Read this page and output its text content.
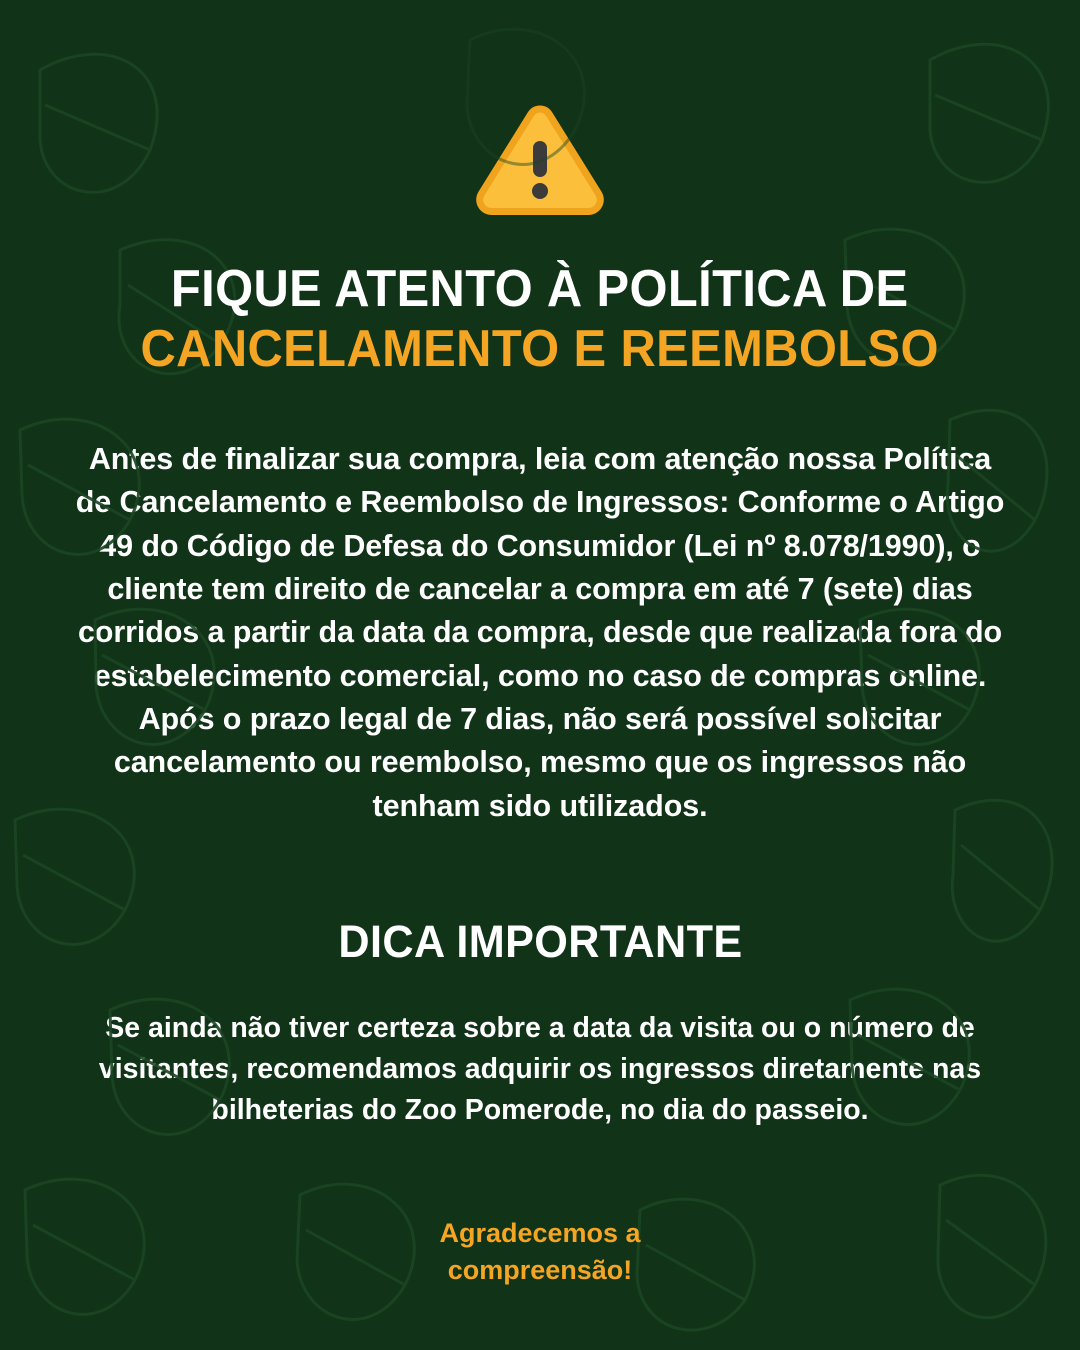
FIQUE ATENTO À POLÍTICA DE
CANCELAMENTO E REEMBOLSO

Antes de finalizar sua compra, leia com atenção nossa Política de Cancelamento e Reembolso de Ingressos: Conforme o Artigo 49 do Código de Defesa do Consumidor (Lei nº 8.078/1990), o cliente tem direito de cancelar a compra em até 7 (sete) dias corridos a partir da data da compra, desde que realizada fora do estabelecimento comercial, como no caso de compras online. Após o prazo legal de 7 dias, não será possível solicitar cancelamento ou reembolso, mesmo que os ingressos não tenham sido utilizados.

DICA IMPORTANTE

Se ainda não tiver certeza sobre a data da visita ou o número de visitantes, recomendamos adquirir os ingressos diretamente nas bilheterias do Zoo Pomerode, no dia do passeio.

Agradecemos a
compreensão!
